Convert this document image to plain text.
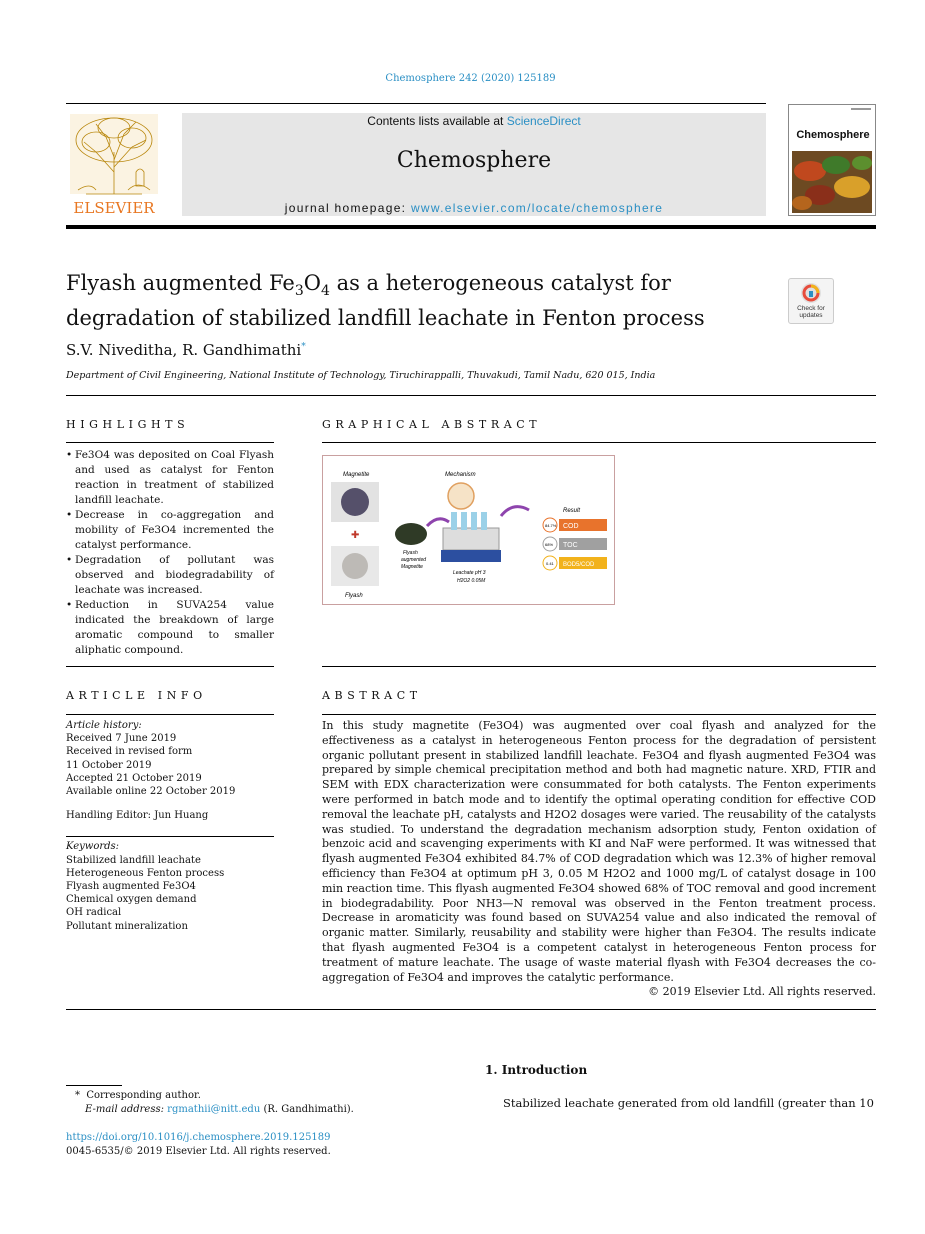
Chemosphere 242 (2020) 125189
ELSEVIER
Contents lists available at ScienceDirect
Chemosphere
journal homepage: www.elsevier.com/locate/chemosphere
Chemosphere
Flyash augmented $Fe_3O_4$ as a heterogeneous catalyst for degradation of stabilized landfill leachate in Fenton process	Check for
updates
S.V. Niveditha, R. Gandhimathi*
Department of Civil Engineering, National Institute of Technology, Tiruchirappalli, Thuvakudi, Tamil Nadu, 620 015, India
HIGHLIGHTS
• Fe3O4 was deposited on Coal Flyash and used as catalyst for Fenton reaction in treatment of stabilized landfill leachate.
• Decrease in co-aggregation and mobility of Fe3O4 incremented the catalyst performance.
• Degradation of pollutant was observed and biodegradability of leachate was increased.
• Reduction in SUVA254 value indicated the breakdown of large aromatic compound to smaller aliphatic compound.
GRAPHICAL ABSTRACT
Magnetite
✚
Flyash
Flyash
augmented
Magnetite
Mechanism
Leachate pH 3
H2O2 0.05M
Result
84.7% COD
68% TOC
0.41 BOD5/COD
ARTICLE INFO
Article history:
Received 7 June 2019
Received in revised form
11 October 2019
Accepted 21 October 2019
Available online 22 October 2019
Handling Editor: Jun Huang
Keywords:
Stabilized landfill leachate
Heterogeneous Fenton process
Flyash augmented Fe3O4
Chemical oxygen demand
OH radical
Pollutant mineralization
ABSTRACT
In this study magnetite (Fe3O4) was augmented over coal flyash and analyzed for the effectiveness as a catalyst in heterogeneous Fenton process for the degradation of persistent organic pollutant present in stabilized landfill leachate. Fe3O4 and flyash augmented Fe3O4 was prepared by simple chemical precipitation method and both had magnetic nature. XRD, FTIR and SEM with EDX characterization were consummated for both catalysts. The Fenton experiments were performed in batch mode and to identify the optimal operating condition for effective COD removal the leachate pH, catalysts and H2O2 dosages were varied. The reusability of the catalysts was studied. To understand the degradation mechanism adsorption study, Fenton oxidation of benzoic acid and scavenging experiments with KI and NaF were performed. It was witnessed that flyash augmented Fe3O4 exhibited 84.7% of COD degradation which was 12.3% of higher removal efficiency than Fe3O4 at optimum pH 3, 0.05 M H2O2 and 1000 mg/L of catalyst dosage in 100 min reaction time. This flyash augmented Fe3O4 showed 68% of TOC removal and good increment in biodegradability. Poor NH3—N removal was observed in the Fenton treatment process. Decrease in aromaticity was found based on SUVA254 value and also indicated the removal of organic matter. Similarly, reusability and stability were higher than Fe3O4. The results indicate that flyash augmented Fe3O4 is a competent catalyst in heterogeneous Fenton process for treatment of mature leachate. The usage of waste material flyash with Fe3O4 decreases the co-aggregation of Fe3O4 and improves the catalytic performance.
© 2019 Elsevier Ltd. All rights reserved.
* Corresponding author.
E-mail address: rgmathii@nitt.edu (R. Gandhimathi).
https://doi.org/10.1016/j.chemosphere.2019.125189
0045-6535/© 2019 Elsevier Ltd. All rights reserved.
1. Introduction
Stabilized leachate generated from old landfill (greater than 10
